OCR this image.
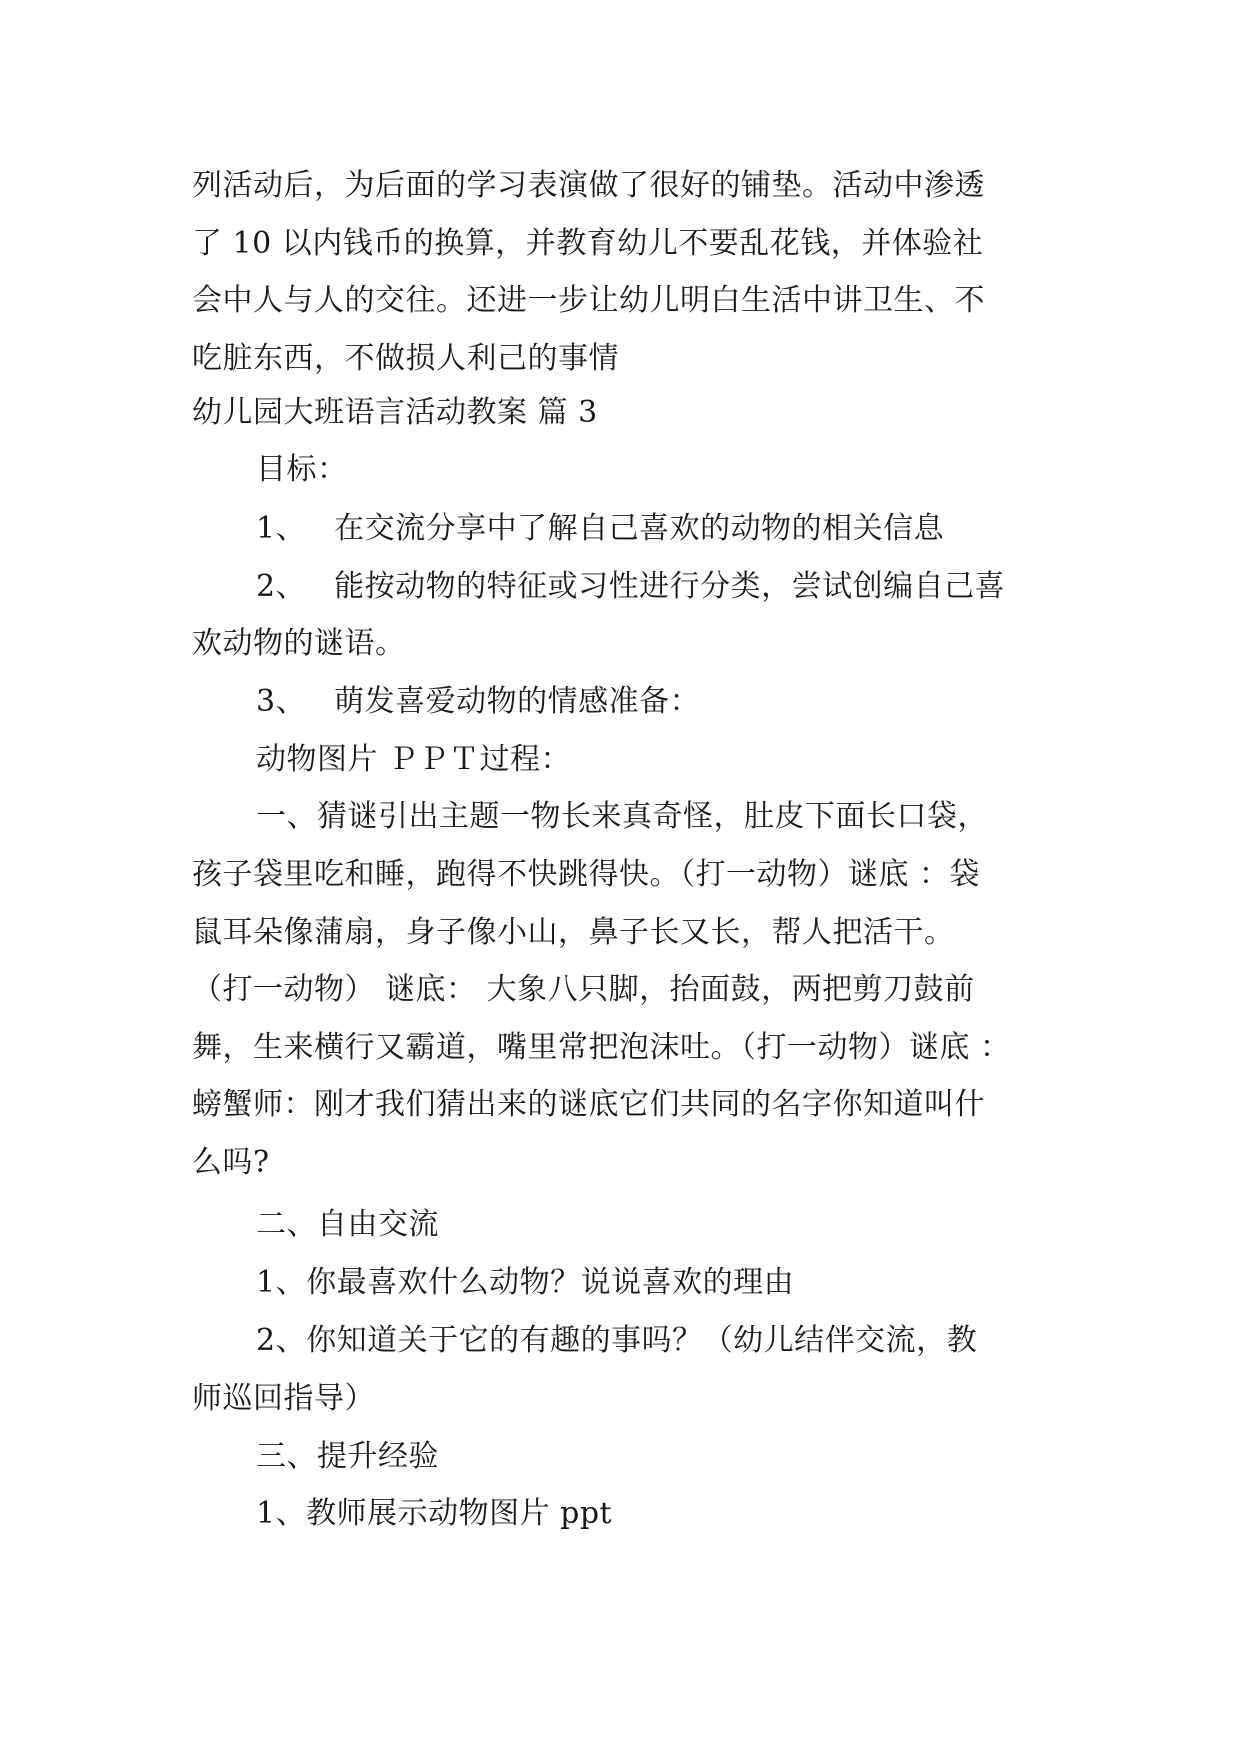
列活动后，为后面的学习表演做了很好的铺垫。活动中渗透
了 10 以内钱币的换算，并教育幼儿不要乱花钱，并体验社
会中人与人的交往。还进一步让幼儿明白生活中讲卫生、不
吃脏东西，不做损人利己的事情
幼儿园大班语言活动教案 篇 3
目标：
1、 在交流分享中了解自己喜欢的动物的相关信息
2、 能按动物的特征或习性进行分类，尝试创编自己喜
欢动物的谜语。
3、 萌发喜爱动物的情感准备：
动物图片 ＰＰＴ过程：
一、猜谜引出主题一物长来真奇怪，肚皮下面长口袋，
孩子袋里吃和睡，跑得不快跳得快。（打一动物）谜底 ：袋
鼠耳朵像蒲扇，身子像小山，鼻子长又长，帮人把活干。
（打一动物） 谜底： 大象八只脚，抬面鼓，两把剪刀鼓前
舞，生来横行又霸道，嘴里常把泡沫吐。（打一动物）谜底 ：
螃蟹师：刚才我们猜出来的谜底它们共同的名字你知道叫什
么吗?
二、自由交流
1、你最喜欢什么动物？说说喜欢的理由
2、你知道关于它的有趣的事吗？（幼儿结伴交流，教
师巡回指导）
三、提升经验
1、教师展示动物图片 ppt
